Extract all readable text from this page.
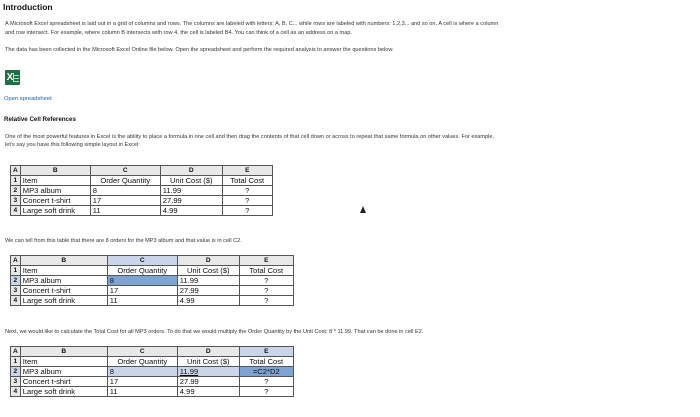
Introduction
A Microsoft Excel spreadsheet is laid out in a grid of columns and rows. The columns are labeled with letters: A, B, C... while rows are labeled with numbers: 1,2,3... and so on. A cell is where a column
and row intersect. For example, where column B intersects with row 4, the cell is labeled B4. You can think of a cell as an address on a map.
The data has been collected in the Microsoft Excel Online file below. Open the spreadsheet and perform the required analysis to answer the questions below.
X
Open spreadsheet
Relative Cell References
One of the most powerful features in Excel is the ability to place a formula in one cell and then drag the contents of that cell down or across to repeat that same formula on other values. For example,
let's say you have this following simple layout in Excel:
A	B	C	D	E
1	Item	Order Quantity	Unit Cost ($)	Total Cost
2	MP3 album	8	11.99	?
3	Concert t-shirt	17	27.99	?
4	Large soft drink	11	4.99	?
We can tell from this table that there are 8 orders for the MP3 album and that value is in cell C2.
A	B	C	D	E
1	Item	Order Quantity	Unit Cost ($)	Total Cost
2	MP3 album	8	11.99	?
3	Concert t-shirt	17	27.99	?
4	Large soft drink	11	4.99	?
Next, we would like to calculate the Total Cost for all MP3 orders. To do that we would multiply the Order Quantity by the Unit Cost; 8 * 11.99. That can be done in cell E2.
A	B	C	D	E
1	Item	Order Quantity	Unit Cost ($)	Total Cost
2	MP3 album	8	11.99	=C2*D2
3	Concert t-shirt	17	27.99	?
4	Large soft drink	11	4.99	?
